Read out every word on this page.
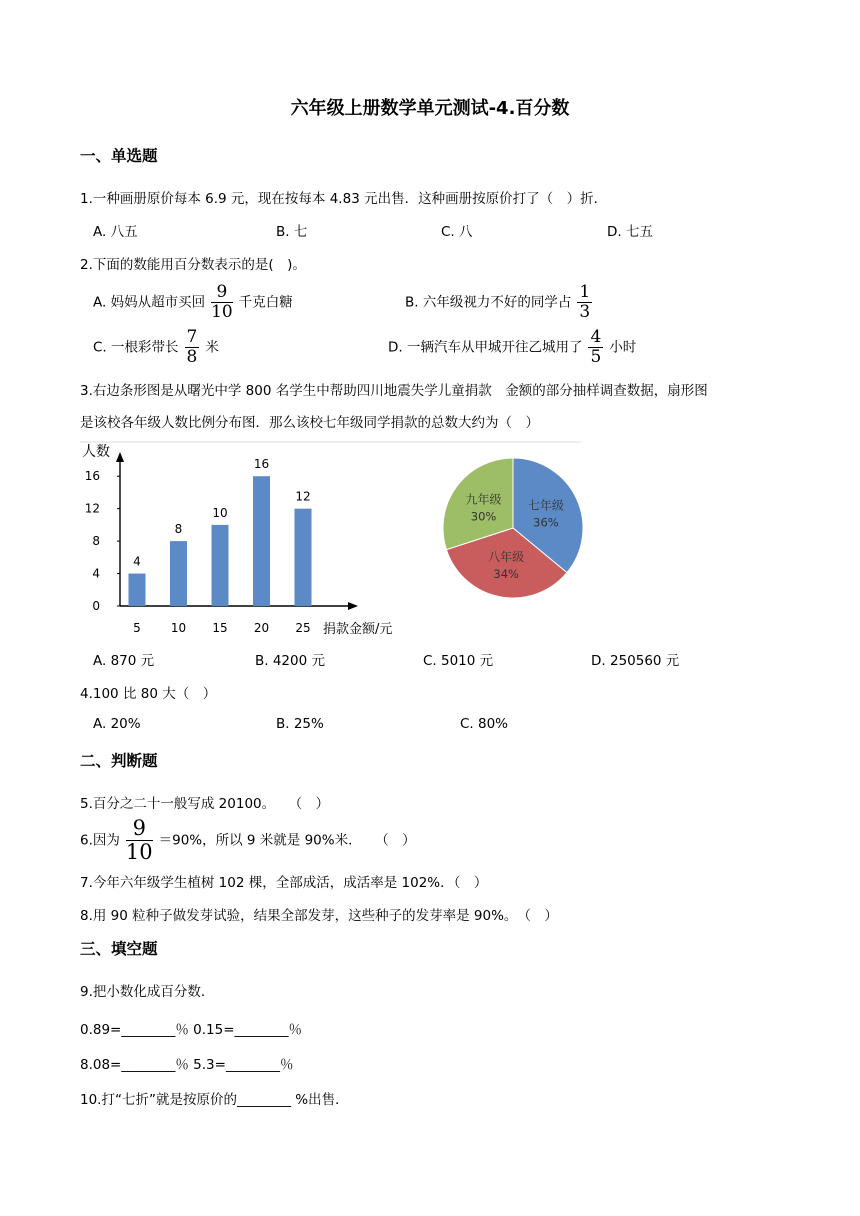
六年级上册数学单元测试-4.百分数
一、单选题
1.一种画册原价每本 6.9 元，现在按每本 4.83 元出售．这种画册按原价打了（　）折．
A. 八五	B. 七	C. 八	D. 七五
2.下面的数能用百分数表示的是(　)。
A. 妈妈从超市买回 $\frac{9}{10}$ 千克白糖	B. 六年级视力不好的同学占 $\frac{1}{3}$
C. 一根彩带长 $\frac{7}{8}$ 米	D. 一辆汽车从甲城开往乙城用了 $\frac{4}{5}$ 小时
3.右边条形图是从曙光中学 800 名学生中帮助四川地震失学儿童捐款　金额的部分抽样调查数据，扇形图
是该校各年级人数比例分布图．那么该校七年级同学捐款的总数大约为（　）
人数
0
4
8
12
16
4
5
8
10
10
15
16
20
12
25 捐款金额/元
七年级
36%
八年级
34%
九年级
30%
A. 870 元	B. 4200 元	C. 5010 元	D. 250560 元
4.100 比 80 大（　）
A. 20%	B. 25%	C. 80%
二、判断题
5.百分之二十一般写成 20100。　　（　）
6.因为 $\frac{9}{10} =90\%$，所以 9 米就是 90%米．　　（　）
7.今年六年级学生植树 102 棵，全部成活，成活率是 102%．（　）
8.用 90 粒种子做发芽试验，结果全部发芽，这些种子的发芽率是 90%。　（　）
三、填空题
9.把小数化成百分数．
0.89=________％ 0.15=________％
8.08=________％ 5.3=________％
10.打“七折”就是按原价的________ %出售．
